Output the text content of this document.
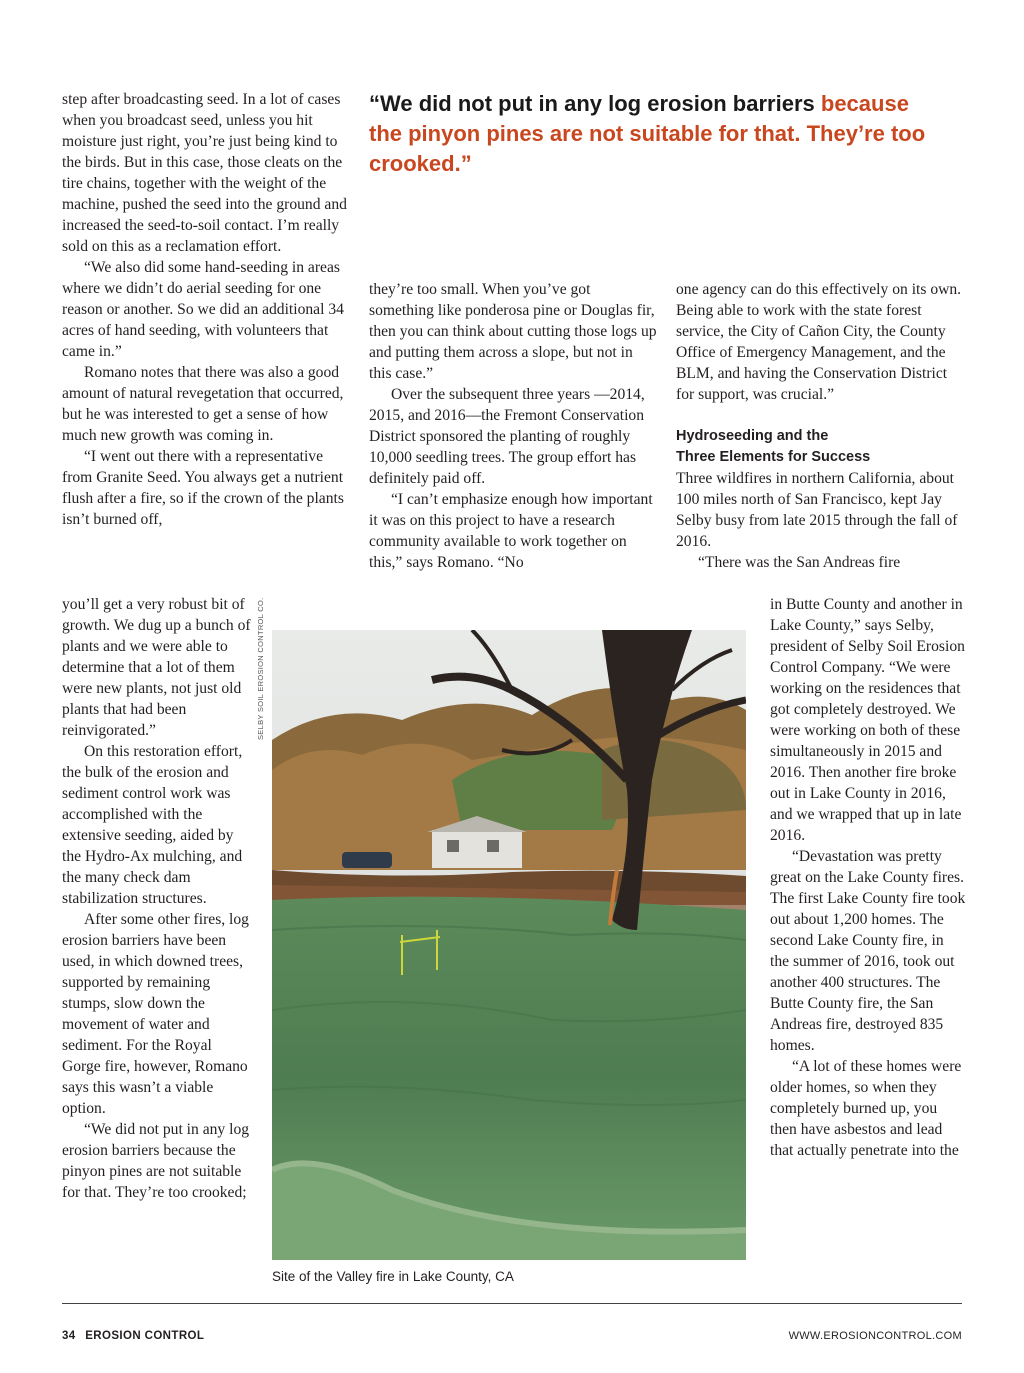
“We did not put in any log erosion barriers because the pinyon pines are not suitable for that. They’re too crooked.”

step after broadcasting seed. In a lot of cases when you broadcast seed, unless you hit moisture just right, you’re just being kind to the birds. But in this case, those cleats on the tire chains, together with the weight of the machine, pushed the seed into the ground and increased the seed-to-soil contact. I’m really sold on this as a reclamation effort.

“We also did some hand-seeding in areas where we didn’t do aerial seeding for one reason or another. So we did an additional 34 acres of hand seeding, with volunteers that came in.”

Romano notes that there was also a good amount of natural revegetation that occurred, but he was interested to get a sense of how much new growth was coming in.

“I went out there with a representative from Granite Seed. You always get a nutrient flush after a fire, so if the crown of the plants isn’t burned off,

you’ll get a very robust bit of growth. We dug up a bunch of plants and we were able to determine that a lot of them were new plants, not just old plants that had been reinvigorated.”

On this restoration effort, the bulk of the erosion and sediment control work was accomplished with the extensive seeding, aided by the Hydro-Ax mulching, and the many check dam stabilization structures.

After some other fires, log erosion barriers have been used, in which downed trees, supported by remaining stumps, slow down the movement of water and sediment. For the Royal Gorge fire, however, Romano says this wasn’t a viable option.

“We did not put in any log erosion barriers because the pinyon pines are not suitable for that. They’re too crooked;

they’re too small. When you’ve got something like ponderosa pine or Douglas fir, then you can think about cutting those logs up and putting them across a slope, but not in this case.”

Over the subsequent three years —2014, 2015, and 2016—the Fremont Conservation District sponsored the planting of roughly 10,000 seedling trees. The group effort has definitely paid off.

“I can’t emphasize enough how important it was on this project to have a research community available to work together on this,” says Romano. “No

one agency can do this effectively on its own. Being able to work with the state forest service, the City of Cañon City, the County Office of Emergency Management, and the BLM, and having the Conservation District for support, was crucial.”

Hydroseeding and the
Three Elements for Success

Three wildfires in northern California, about 100 miles north of San Francisco, kept Jay Selby busy from late 2015 through the fall of 2016.

“There was the San Andreas fire

in Butte County and another in Lake County,” says Selby, president of Selby Soil Erosion Control Company. “We were working on the residences that got completely destroyed. We were working on both of these simultaneously in 2015 and 2016. Then another fire broke out in Lake County in 2016, and we wrapped that up in late 2016.

“Devastation was pretty great on the Lake County fires. The first Lake County fire took out about 1,200 homes. The second Lake County fire, in the summer of 2016, took out another 400 structures. The Butte County fire, the San Andreas fire, destroyed 835 homes.

“A lot of these homes were older homes, so when they completely burned up, you then have asbestos and lead that actually penetrate into the

SELBY SOIL EROSION CONTROL CO.
Site of the Valley fire in Lake County, CA
34 EROSION CONTROL	WWW.EROSIONCONTROL.COM
